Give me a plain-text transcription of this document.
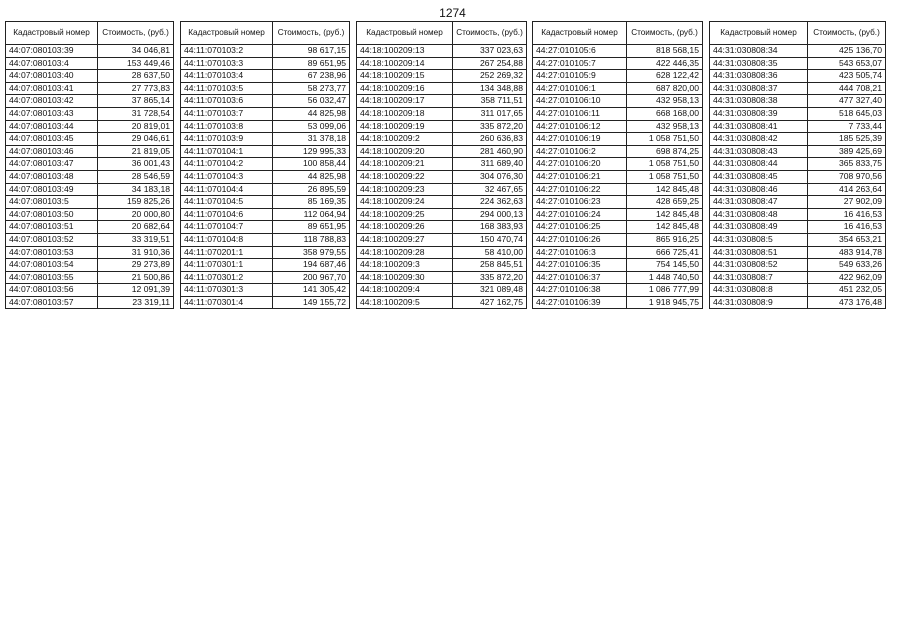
1274
Кадастровый номер	Стоимость, (руб.)
44:07:080103:39	34 046,81
44:07:080103:4	153 449,46
44:07:080103:40	28 637,50
44:07:080103:41	27 773,83
44:07:080103:42	37 865,14
44:07:080103:43	31 728,54
44:07:080103:44	20 819,01
44:07:080103:45	29 046,61
44:07:080103:46	21 819,05
44:07:080103:47	36 001,43
44:07:080103:48	28 546,59
44:07:080103:49	34 183,18
44:07:080103:5	159 825,26
44:07:080103:50	20 000,80
44:07:080103:51	20 682,64
44:07:080103:52	33 319,51
44:07:080103:53	31 910,36
44:07:080103:54	29 273,89
44:07:080103:55	21 500,86
44:07:080103:56	12 091,39
44:07:080103:57	23 319,11
Кадастровый номер	Стоимость, (руб.)
44:11:070103:2	98 617,15
44:11:070103:3	89 651,95
44:11:070103:4	67 238,96
44:11:070103:5	58 273,77
44:11:070103:6	56 032,47
44:11:070103:7	44 825,98
44:11:070103:8	53 099,06
44:11:070103:9	31 378,18
44:11:070104:1	129 995,33
44:11:070104:2	100 858,44
44:11:070104:3	44 825,98
44:11:070104:4	26 895,59
44:11:070104:5	85 169,35
44:11:070104:6	112 064,94
44:11:070104:7	89 651,95
44:11:070104:8	118 788,83
44:11:070201:1	358 979,55
44:11:070301:1	194 687,46
44:11:070301:2	200 967,70
44:11:070301:3	141 305,42
44:11:070301:4	149 155,72
Кадастровый номер	Стоимость, (руб.)
44:18:100209:13	337 023,63
44:18:100209:14	267 254,88
44:18:100209:15	252 269,32
44:18:100209:16	134 348,88
44:18:100209:17	358 711,51
44:18:100209:18	311 017,65
44:18:100209:19	335 872,20
44:18:100209:2	260 636,83
44:18:100209:20	281 460,90
44:18:100209:21	311 689,40
44:18:100209:22	304 076,30
44:18:100209:23	32 467,65
44:18:100209:24	224 362,63
44:18:100209:25	294 000,13
44:18:100209:26	168 383,93
44:18:100209:27	150 470,74
44:18:100209:28	58 410,00
44:18:100209:3	258 845,51
44:18:100209:30	335 872,20
44:18:100209:4	321 089,48
44:18:100209:5	427 162,75
Кадастровый номер	Стоимость, (руб.)
44:27:010105:6	818 568,15
44:27:010105:7	422 446,35
44:27:010105:9	628 122,42
44:27:010106:1	687 820,00
44:27:010106:10	432 958,13
44:27:010106:11	668 168,00
44:27:010106:12	432 958,13
44:27:010106:19	1 058 751,50
44:27:010106:2	698 874,25
44:27:010106:20	1 058 751,50
44:27:010106:21	1 058 751,50
44:27:010106:22	142 845,48
44:27:010106:23	428 659,25
44:27:010106:24	142 845,48
44:27:010106:25	142 845,48
44:27:010106:26	865 916,25
44:27:010106:3	666 725,41
44:27:010106:35	754 145,50
44:27:010106:37	1 448 740,50
44:27:010106:38	1 086 777,99
44:27:010106:39	1 918 945,75
Кадастровый номер	Стоимость, (руб.)
44:31:030808:34	425 136,70
44:31:030808:35	543 653,07
44:31:030808:36	423 505,74
44:31:030808:37	444 708,21
44:31:030808:38	477 327,40
44:31:030808:39	518 645,03
44:31:030808:41	7 733,44
44:31:030808:42	185 525,39
44:31:030808:43	389 425,69
44:31:030808:44	365 833,75
44:31:030808:45	708 970,56
44:31:030808:46	414 263,64
44:31:030808:47	27 902,09
44:31:030808:48	16 416,53
44:31:030808:49	16 416,53
44:31:030808:5	354 653,21
44:31:030808:51	483 914,78
44:31:030808:52	549 633,26
44:31:030808:7	422 962,09
44:31:030808:8	451 232,05
44:31:030808:9	473 176,48
